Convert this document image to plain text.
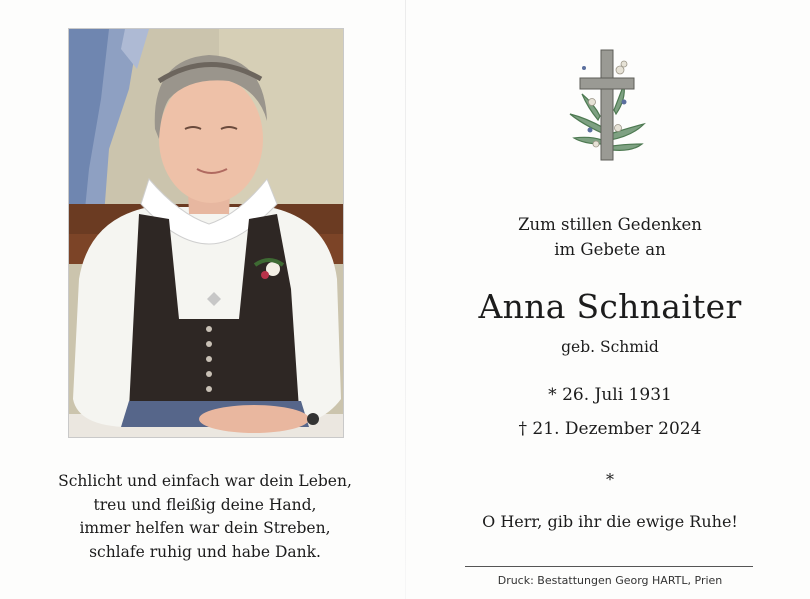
Schlicht und einfach war dein Leben,
treu und fleißig deine Hand,
immer helfen war dein Streben,
schlafe ruhig und habe Dank.
Zum stillen Gedenken
im Gebete an
Anna Schnaiter
geb. Schmid
* 26. Juli 1931
† 21. Dezember 2024
*
O Herr, gib ihr die ewige Ruhe!
Druck: Bestattungen Georg HARTL, Prien
